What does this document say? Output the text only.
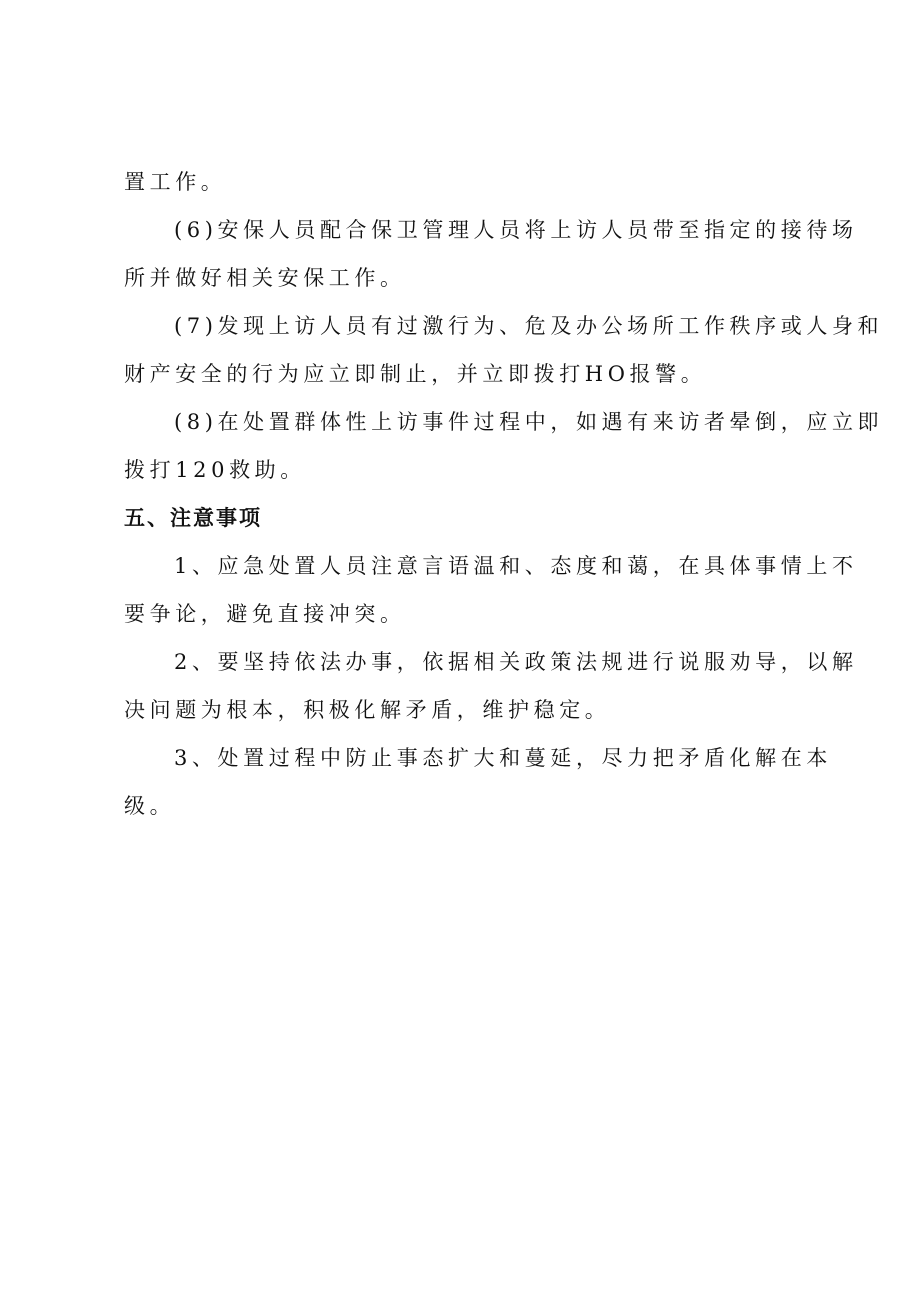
置工作。
(6)安保人员配合保卫管理人员将上访人员带至指定的接待场
所并做好相关安保工作。
(7)发现上访人员有过激行为、危及办公场所工作秩序或人身和
财产安全的行为应立即制止，并立即拨打HO报警。
(8)在处置群体性上访事件过程中，如遇有来访者晕倒，应立即
拨打120救助。
五、注意事项
1、应急处置人员注意言语温和、态度和蔼，在具体事情上不
要争论，避免直接冲突。
2、要坚持依法办事，依据相关政策法规进行说服劝导，以解
决问题为根本，积极化解矛盾，维护稳定。
3、处置过程中防止事态扩大和蔓延，尽力把矛盾化解在本
级。
